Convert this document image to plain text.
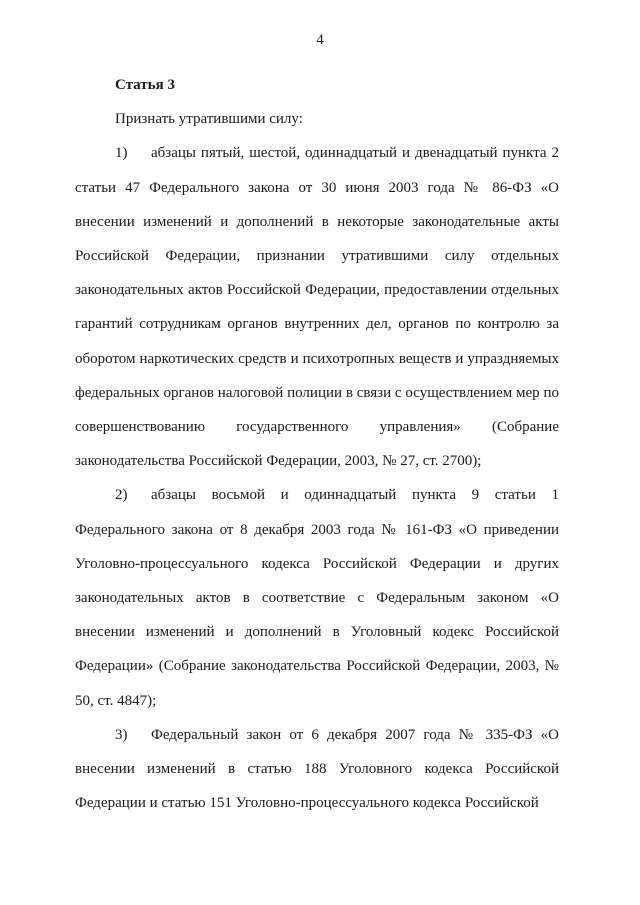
4

Статья 3

Признать утратившими силу:

1) абзацы пятый, шестой, одиннадцатый и двенадцатый пункта 2 статьи 47 Федерального закона от 30 июня 2003 года № 86-ФЗ «О внесении изменений и дополнений в некоторые законодательные акты Российской Федерации, признании утратившими силу отдельных законодательных актов Российской Федерации, предоставлении отдельных гарантий сотрудникам органов внутренних дел, органов по контролю за оборотом наркотических средств и психотропных веществ и упраздняемых федеральных органов налоговой полиции в связи с осуществлением мер по совершенствованию государственного управления» (Собрание законодательства Российской Федерации, 2003, № 27, ст. 2700);

2) абзацы восьмой и одиннадцатый пункта 9 статьи 1 Федерального закона от 8 декабря 2003 года № 161-ФЗ «О приведении Уголовно-процессуального кодекса Российской Федерации и других законодательных актов в соответствие с Федеральным законом «О внесении изменений и дополнений в Уголовный кодекс Российской Федерации» (Собрание законодательства Российской Федерации, 2003, № 50, ст. 4847);

3) Федеральный закон от 6 декабря 2007 года № 335-ФЗ «О внесении изменений в статью 188 Уголовного кодекса Российской Федерации и статью 151 Уголовно-процессуального кодекса Российской
